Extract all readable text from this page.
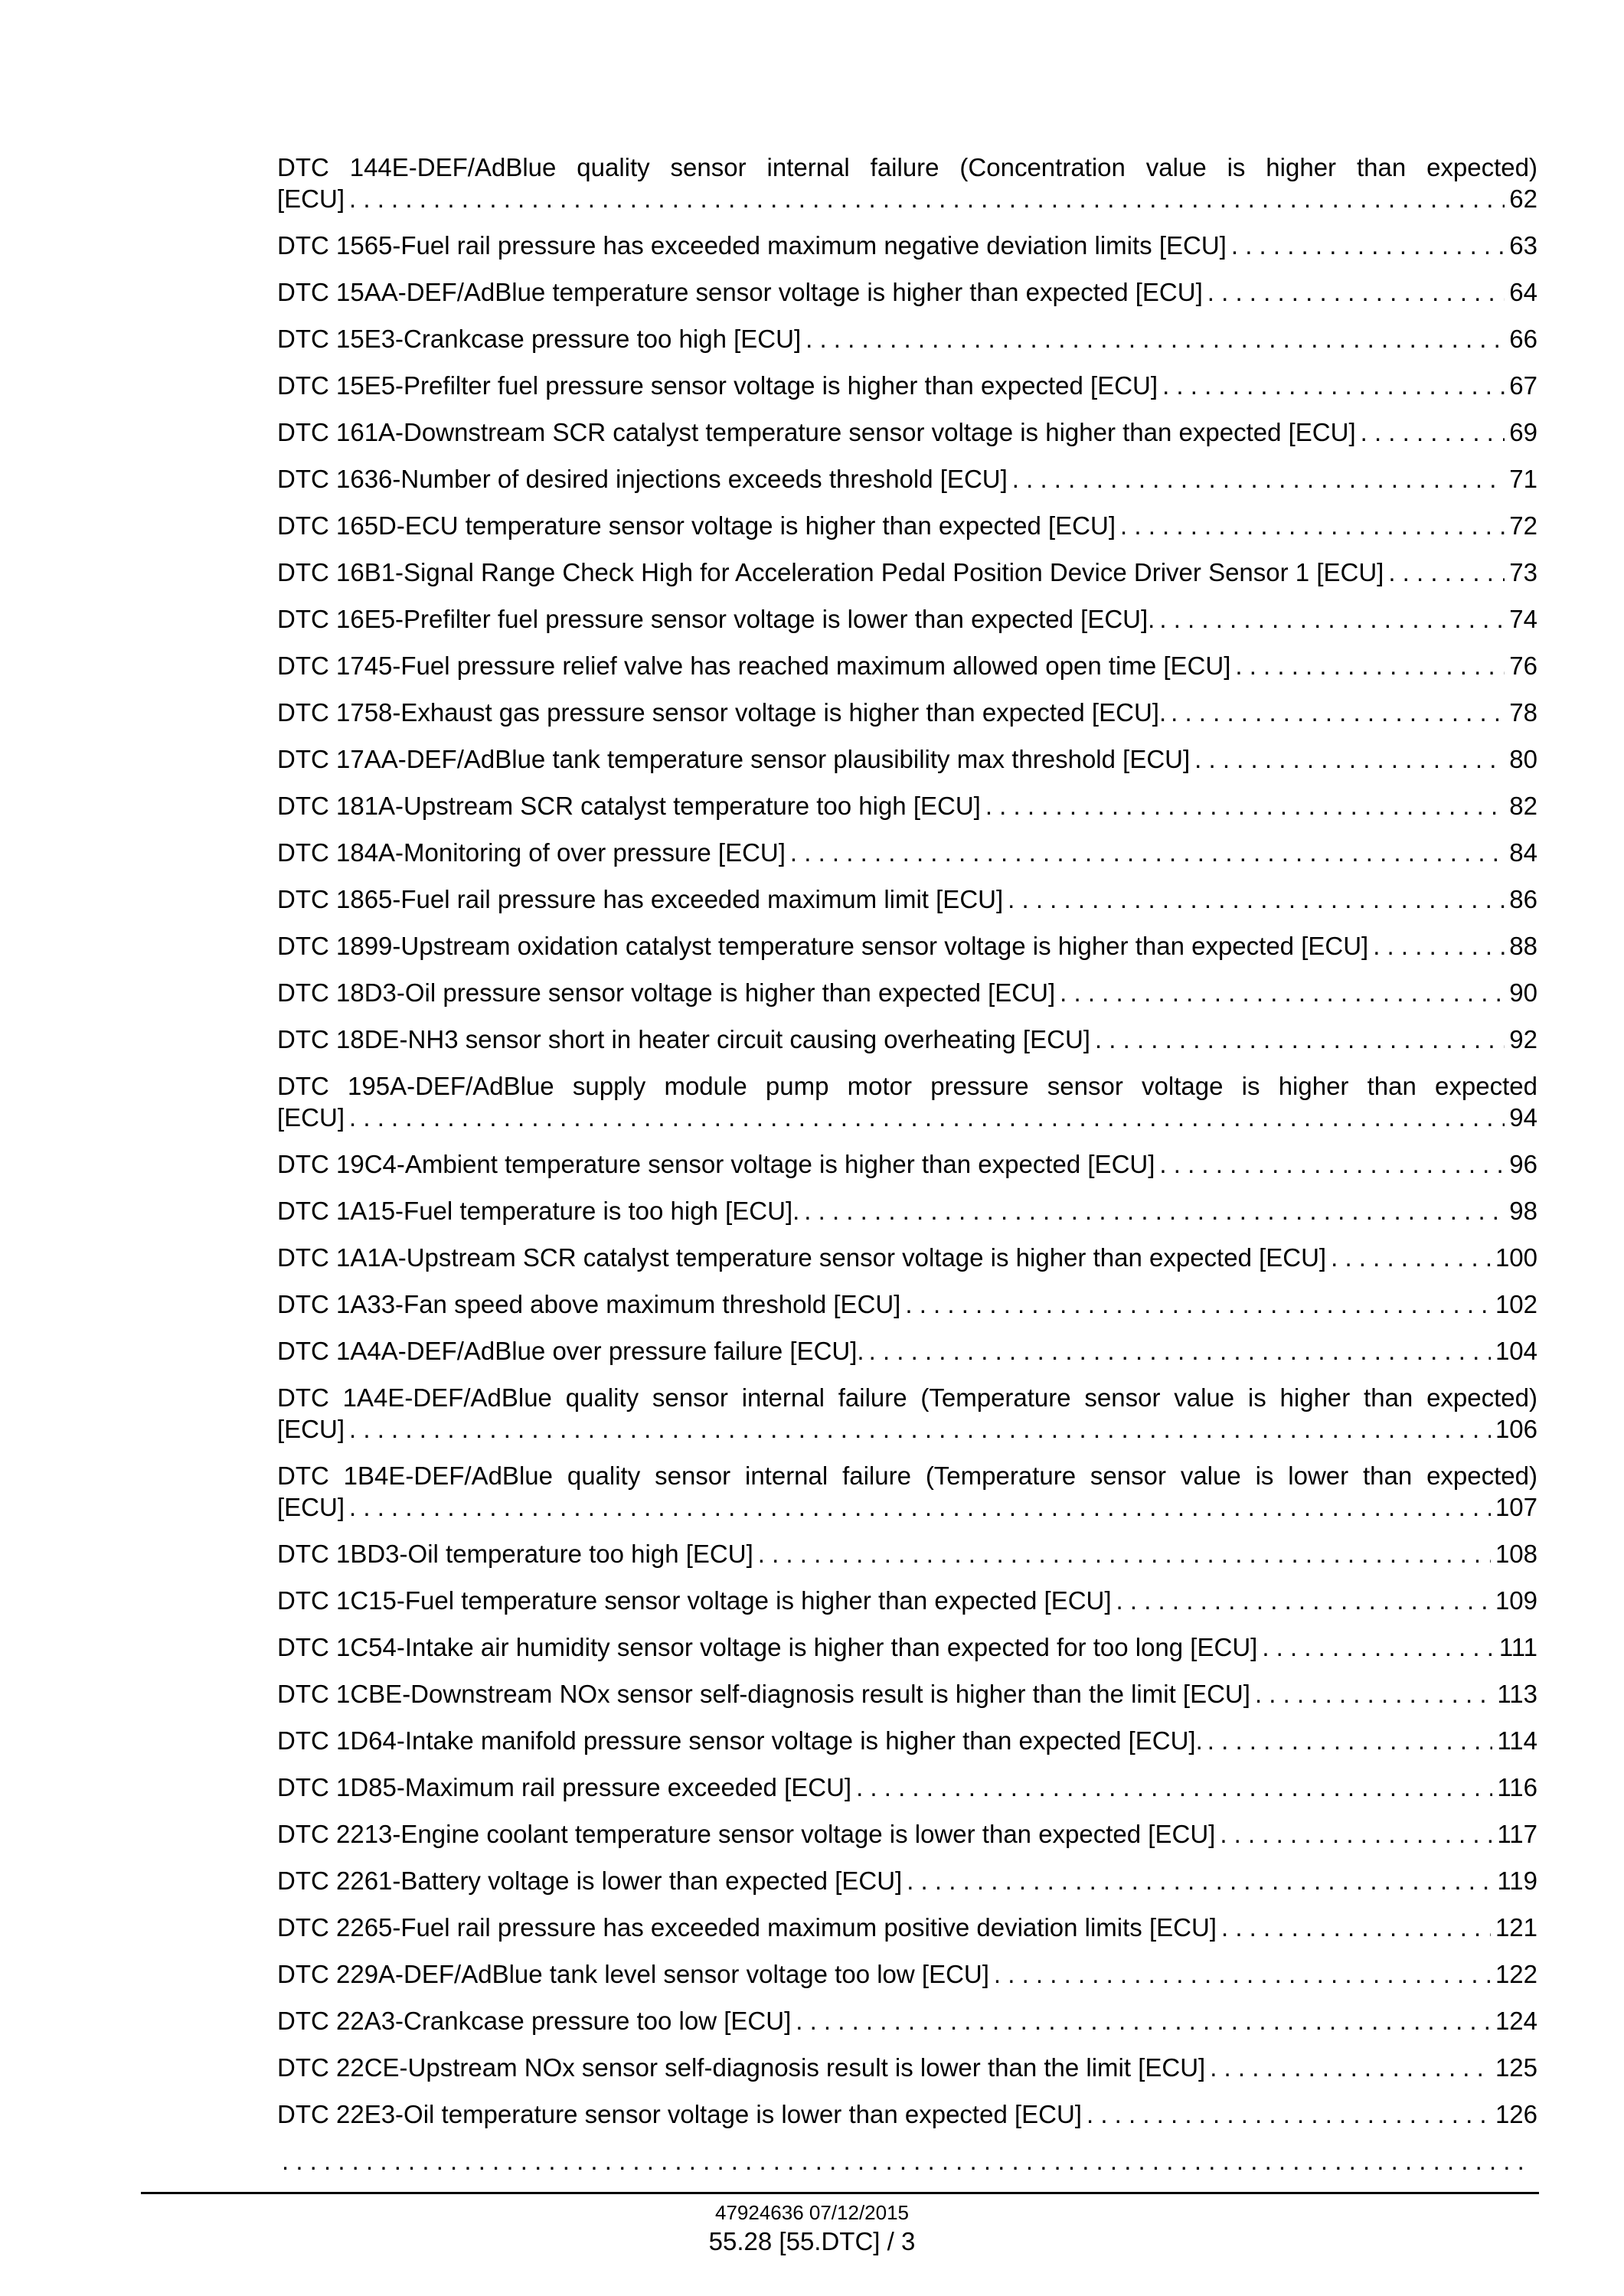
DTC 144E-DEF/AdBlue quality sensor internal failure (Concentration value is higher than expected)
[ECU] . . .	62
DTC 1565-Fuel rail pressure has exceeded maximum negative deviation limits [ECU] . . .	63
DTC 15AA-DEF/AdBlue temperature sensor voltage is higher than expected [ECU] . . .	64
DTC 15E3-Crankcase pressure too high [ECU] . . .	66
DTC 15E5-Prefilter fuel pressure sensor voltage is higher than expected [ECU] . . .	67
DTC 161A-Downstream SCR catalyst temperature sensor voltage is higher than expected [ECU] . . .	69
DTC 1636-Number of desired injections exceeds threshold [ECU] . . .	71
DTC 165D-ECU temperature sensor voltage is higher than expected [ECU] . . .	72
DTC 16B1-Signal Range Check High for Acceleration Pedal Position Device Driver Sensor 1 [ECU] . . .	73
DTC 16E5-Prefilter fuel pressure sensor voltage is lower than expected [ECU]. . . .	74
DTC 1745-Fuel pressure relief valve has reached maximum allowed open time [ECU] . . .	76
DTC 1758-Exhaust gas pressure sensor voltage is higher than expected [ECU]. . . .	78
DTC 17AA-DEF/AdBlue tank temperature sensor plausibility max threshold [ECU] . . .	80
DTC 181A-Upstream SCR catalyst temperature too high [ECU] . . .	82
DTC 184A-Monitoring of over pressure [ECU] . . .	84
DTC 1865-Fuel rail pressure has exceeded maximum limit [ECU] . . .	86
DTC 1899-Upstream oxidation catalyst temperature sensor voltage is higher than expected [ECU] . . .	88
DTC 18D3-Oil pressure sensor voltage is higher than expected [ECU] . . .	90
DTC 18DE-NH3 sensor short in heater circuit causing overheating [ECU] . . .	92
DTC 195A-DEF/AdBlue supply module pump motor pressure sensor voltage is higher than expected
[ECU] . . .	94
DTC 19C4-Ambient temperature sensor voltage is higher than expected [ECU] . . .	96
DTC 1A15-Fuel temperature is too high [ECU]. . . .	98
DTC 1A1A-Upstream SCR catalyst temperature sensor voltage is higher than expected [ECU] . . .	100
DTC 1A33-Fan speed above maximum threshold [ECU] . . .	102
DTC 1A4A-DEF/AdBlue over pressure failure [ECU]. . . .	104
DTC 1A4E-DEF/AdBlue quality sensor internal failure (Temperature sensor value is higher than expected)
[ECU] . . .	106
DTC 1B4E-DEF/AdBlue quality sensor internal failure (Temperature sensor value is lower than expected)
[ECU] . . .	107
DTC 1BD3-Oil temperature too high [ECU] . . .	108
DTC 1C15-Fuel temperature sensor voltage is higher than expected [ECU] . . .	109
DTC 1C54-Intake air humidity sensor voltage is higher than expected for too long [ECU] . . .	111
DTC 1CBE-Downstream NOx sensor self-diagnosis result is higher than the limit [ECU] . . .	113
DTC 1D64-Intake manifold pressure sensor voltage is higher than expected [ECU]. . . .	114
DTC 1D85-Maximum rail pressure exceeded [ECU] . . .	116
DTC 2213-Engine coolant temperature sensor voltage is lower than expected [ECU] . . .	117
DTC 2261-Battery voltage is lower than expected [ECU] . . .	119
DTC 2265-Fuel rail pressure has exceeded maximum positive deviation limits [ECU] . . .	121
DTC 229A-DEF/AdBlue tank level sensor voltage too low [ECU] . . .	122
DTC 22A3-Crankcase pressure too low [ECU] . . .	124
DTC 22CE-Upstream NOx sensor self-diagnosis result is lower than the limit [ECU] . . .	125
DTC 22E3-Oil temperature sensor voltage is lower than expected [ECU] . . .	126
. . .
47924636 07/12/2015
55.28 [55.DTC] / 3
